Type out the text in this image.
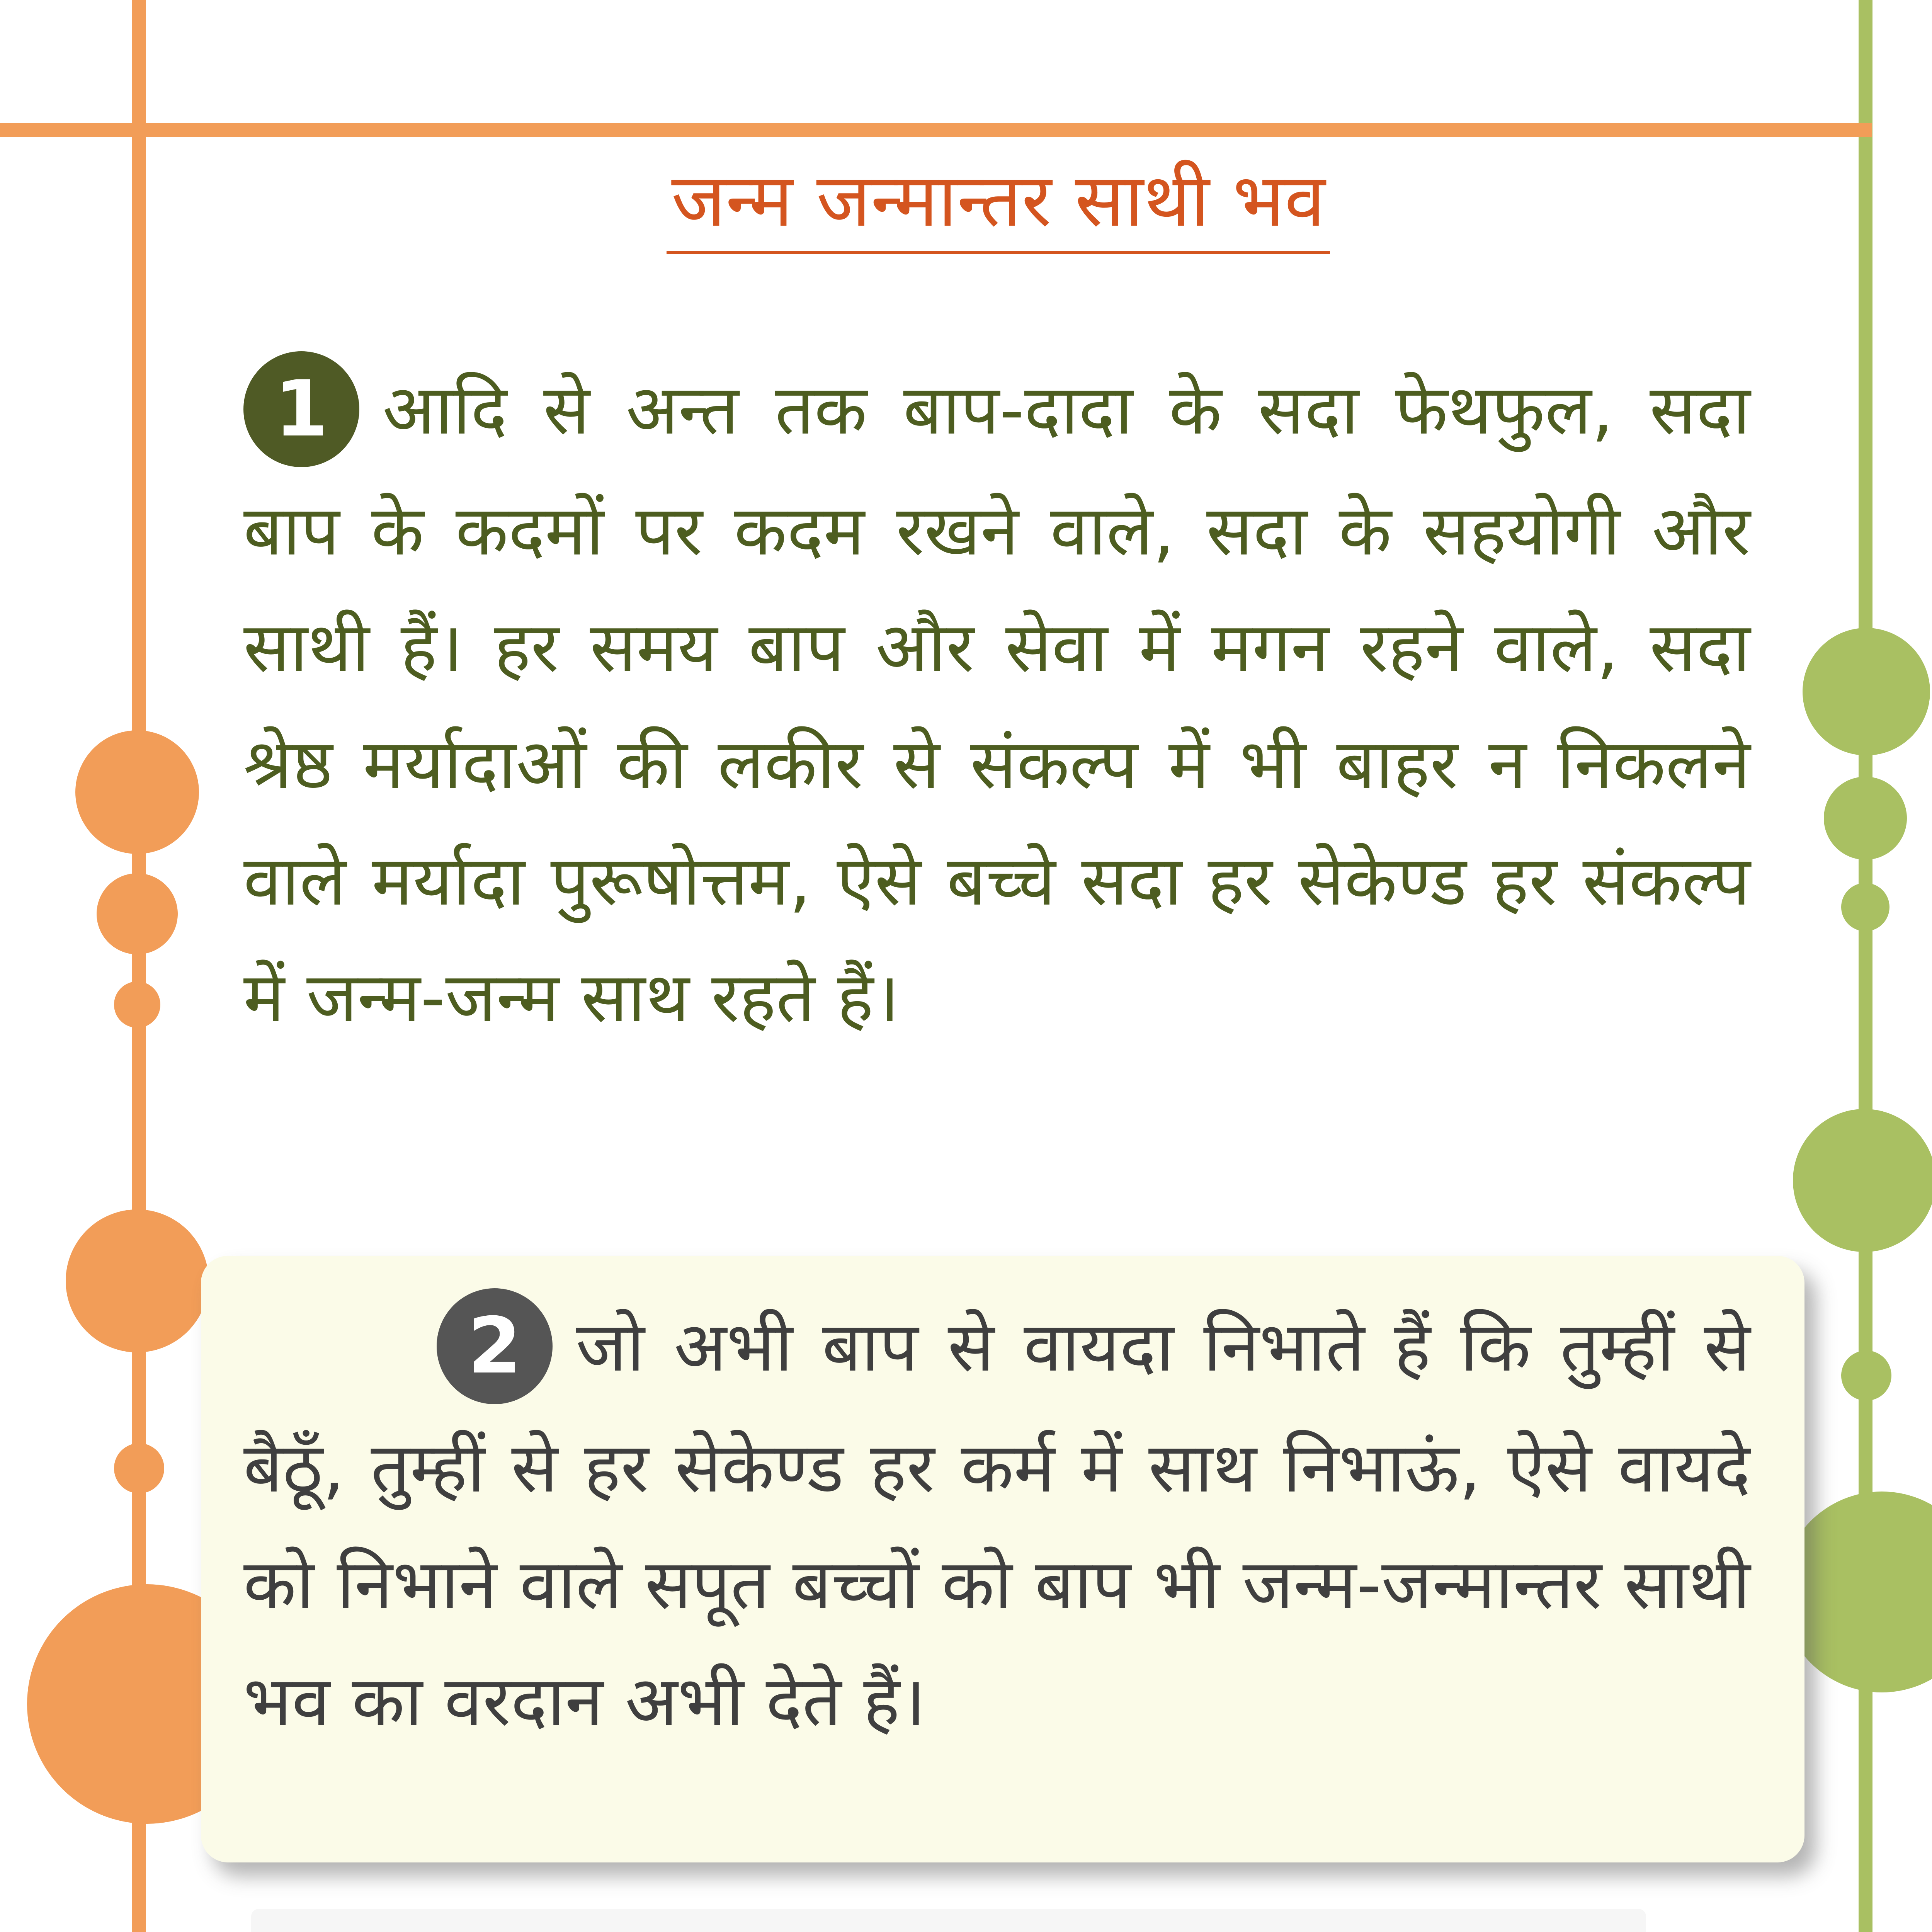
जन्म जन्मान्तर साथी भव

1 आदि से अन्त तक बाप-दादा के सदा फेथफुल, सदा बाप के कदमों पर कदम रखने वाले, सदा के सहयोगी और साथी हैं। हर समय बाप और सेवा में मगन रहने वाले, सदा श्रेष्ठ मर्यादाओं की लकीर से संकल्प में भी बाहर न निकलने वाले मर्यादा पुरूषोत्तम, ऐसे बच्चे सदा हर सेकेण्ड हर संकल्प में जन्म-जन्म साथ रहते हैं।

2 जो अभी बाप से वायदा निभाते हैं कि तुम्हीं से बैठूँ, तुम्हीं से हर सेकेण्ड हर कर्म में साथ निभाऊं, ऐसे वायदे को निभाने वाले सपूत बच्चों को बाप भी जन्म-जन्मान्तर साथी भव का वरदान अभी देते हैं।
